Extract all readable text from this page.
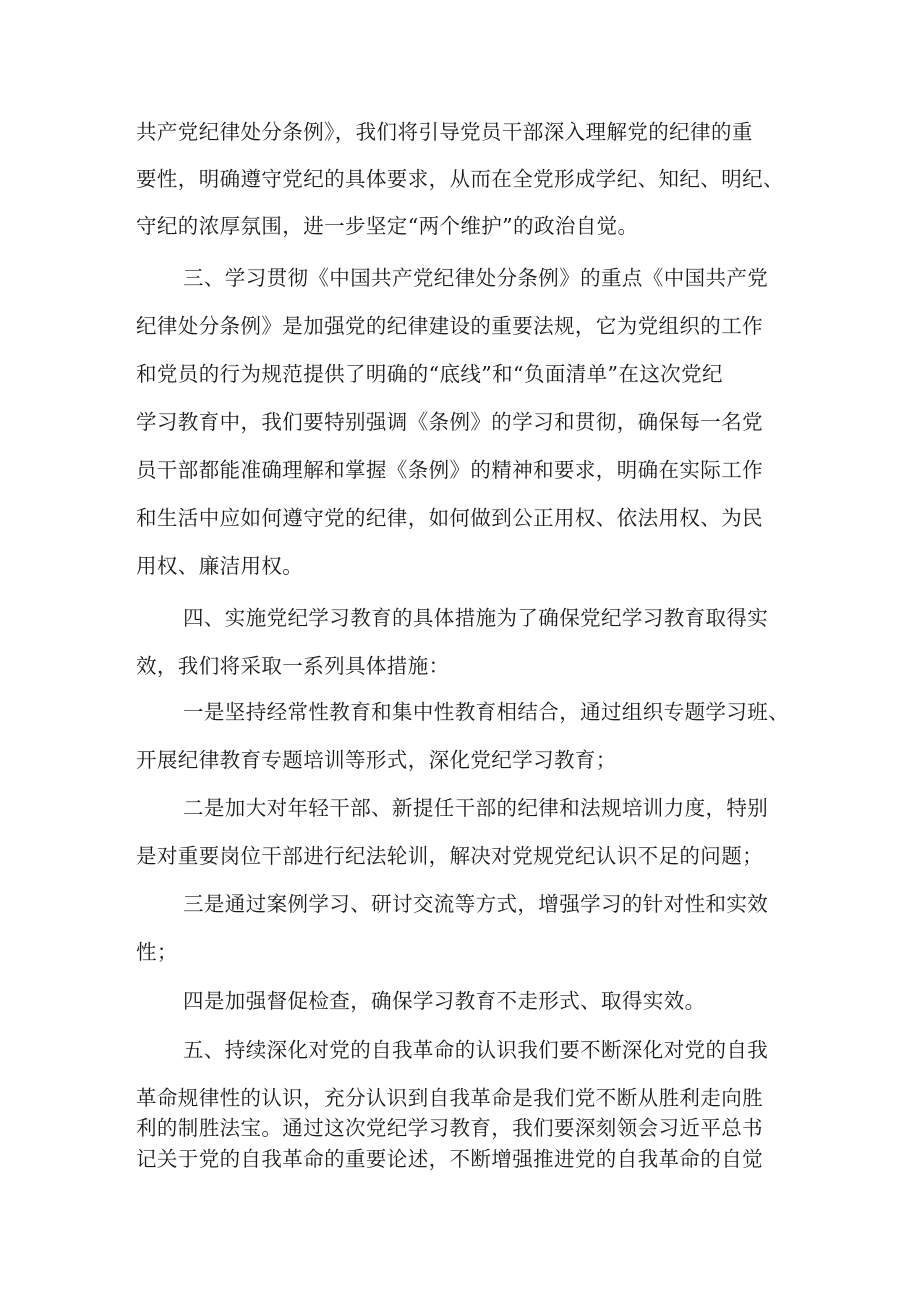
共产党纪律处分条例》，我们将引导党员干部深入理解党的纪律的重
要性，明确遵守党纪的具体要求，从而在全党形成学纪、知纪、明纪、
守纪的浓厚氛围，进一步坚定“两个维护”的政治自觉。
三、学习贯彻《中国共产党纪律处分条例》的重点《中国共产党
纪律处分条例》是加强党的纪律建设的重要法规，它为党组织的工作
和党员的行为规范提供了明确的“底线”和“负面清单”在这次党纪
学习教育中，我们要特别强调《条例》的学习和贯彻，确保每一名党
员干部都能准确理解和掌握《条例》的精神和要求，明确在实际工作
和生活中应如何遵守党的纪律，如何做到公正用权、依法用权、为民
用权、廉洁用权。
四、实施党纪学习教育的具体措施为了确保党纪学习教育取得实
效，我们将采取一系列具体措施：
一是坚持经常性教育和集中性教育相结合，通过组织专题学习班、
开展纪律教育专题培训等形式，深化党纪学习教育；
二是加大对年轻干部、新提任干部的纪律和法规培训力度，特别
是对重要岗位干部进行纪法轮训，解决对党规党纪认识不足的问题；
三是通过案例学习、研讨交流等方式，增强学习的针对性和实效
性；
四是加强督促检查，确保学习教育不走形式、取得实效。
五、持续深化对党的自我革命的认识我们要不断深化对党的自我
革命规律性的认识，充分认识到自我革命是我们党不断从胜利走向胜
利的制胜法宝。通过这次党纪学习教育，我们要深刻领会习近平总书
记关于党的自我革命的重要论述，不断增强推进党的自我革命的自觉
